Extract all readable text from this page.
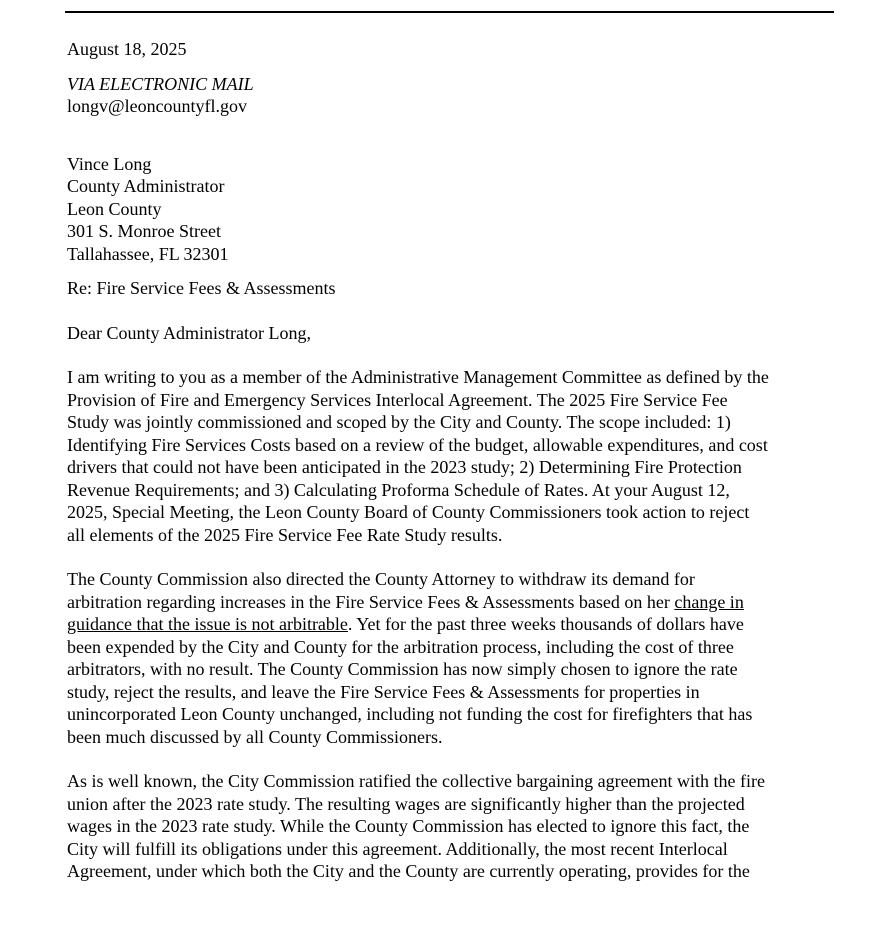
August 18, 2025
VIA ELECTRONIC MAIL
longv@leoncountyfl.gov
Vince Long
County Administrator
Leon County
301 S. Monroe Street
Tallahassee, FL 32301
Re: Fire Service Fees & Assessments
Dear County Administrator Long,

I am writing to you as a member of the Administrative Management Committee as defined by the
Provision of Fire and Emergency Services Interlocal Agreement. The 2025 Fire Service Fee
Study was jointly commissioned and scoped by the City and County. The scope included: 1)
Identifying Fire Services Costs based on a review of the budget, allowable expenditures, and cost
drivers that could not have been anticipated in the 2023 study; 2) Determining Fire Protection
Revenue Requirements; and 3) Calculating Proforma Schedule of Rates. At your August 12,
2025, Special Meeting, the Leon County Board of County Commissioners took action to reject
all elements of the 2025 Fire Service Fee Rate Study results.

The County Commission also directed the County Attorney to withdraw its demand for
arbitration regarding increases in the Fire Service Fees & Assessments based on her change in
guidance that the issue is not arbitrable. Yet for the past three weeks thousands of dollars have
been expended by the City and County for the arbitration process, including the cost of three
arbitrators, with no result. The County Commission has now simply chosen to ignore the rate
study, reject the results, and leave the Fire Service Fees & Assessments for properties in
unincorporated Leon County unchanged, including not funding the cost for firefighters that has
been much discussed by all County Commissioners.

As is well known, the City Commission ratified the collective bargaining agreement with the fire
union after the 2023 rate study. The resulting wages are significantly higher than the projected
wages in the 2023 rate study. While the County Commission has elected to ignore this fact, the
City will fulfill its obligations under this agreement. Additionally, the most recent Interlocal
Agreement, under which both the City and the County are currently operating, provides for the
